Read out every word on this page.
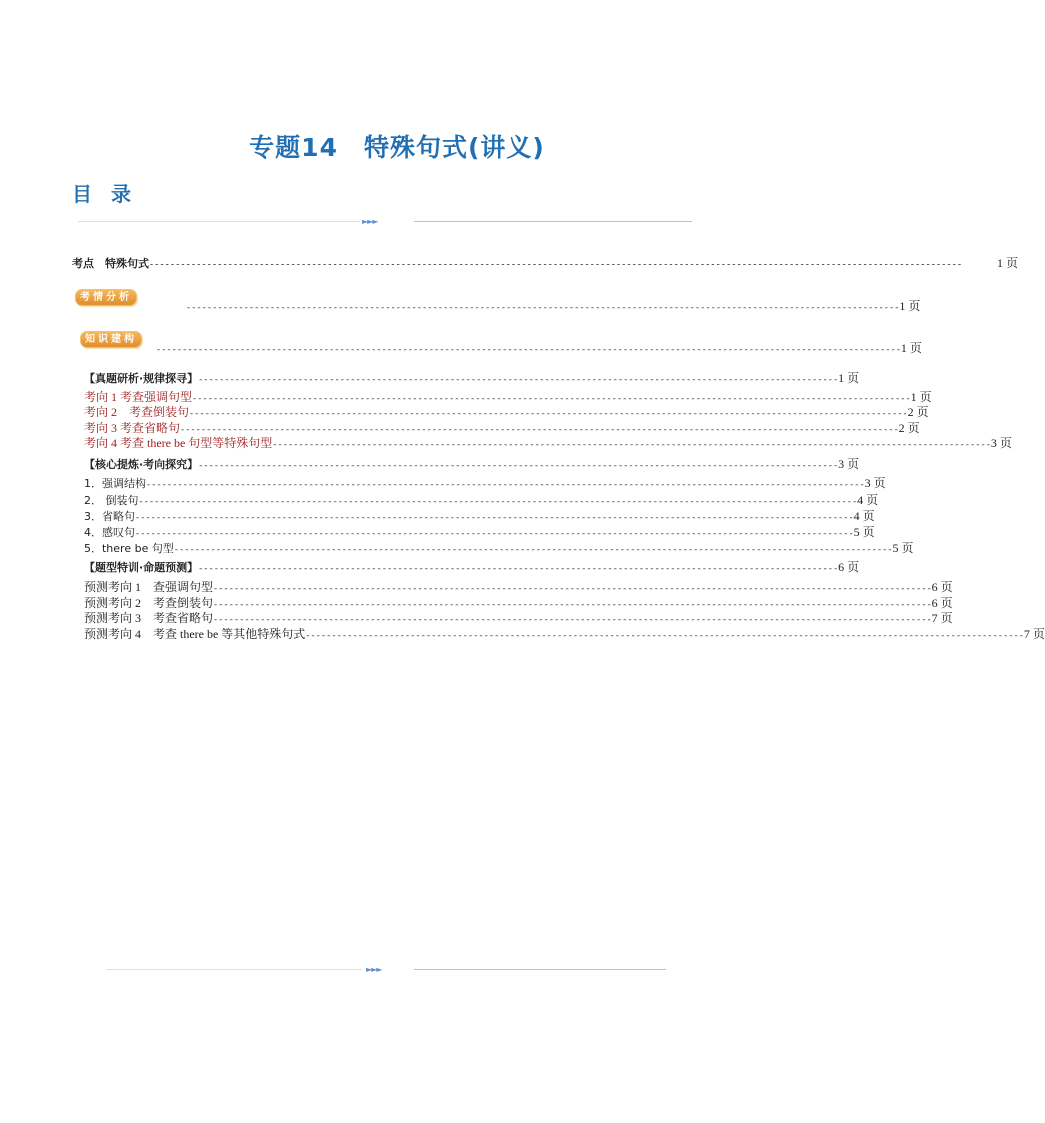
专题14　特殊句式(讲义)
目 录
►►►
考点　特殊句式 - - - - - - - - - - - - - - - - - - - - - - - - - - - - - - - - - - - - - - - - - - - - - - - - - - - - - - - - - - - - - - - - - - - - - - - - - - - - - - - - - - - - - - - - - - - - - - - - - - - - - - - - - - - - - - - - - - - - - - - - - - - - - - - - - - - - - - - - - - - - - - - - - - - - - - - - - - -	1 页
考情分析
- - - - - - - - - - - - - - - - - - - - - - - - - - - - - - - - - - - - - - - - - - - - - - - - - - - - - - - - - - - - - - - - - - - - - - - - - - - - - - - - - - - - - - - - - - - - - - - - - - - - - - - - - - - - - - - - - - - - - - - - - - - - - - - - - - - - - - - - 1 页
知识建构
- - - - - - - - - - - - - - - - - - - - - - - - - - - - - - - - - - - - - - - - - - - - - - - - - - - - - - - - - - - - - - - - - - - - - - - - - - - - - - - - - - - - - - - - - - - - - - - - - - - - - - - - - - - - - - - - - - - - - - - - - - - - - - - - - - - - - - - - - - - - - - 1 页
【真题研析·规律探寻】 - - - - - - - - - - - - - - - - - - - - - - - - - - - - - - - - - - - - - - - - - - - - - - - - - - - - - - - - - - - - - - - - - - - - - - - - - - - - - - - - - - - - - - - - - - - - - - - - - - - - - - - - - - - - - - - - - - - - - - - - - - 1 页
考向 1 考查强调句型 - - - - - - - - - - - - - - - - - - - - - - - - - - - - - - - - - - - - - - - - - - - - - - - - - - - - - - - - - - - - - - - - - - - - - - - - - - - - - - - - - - - - - - - - - - - - - - - - - - - - - - - - - - - - - - - - - - - - - - - - - - - - - - - - - - - - - - - - - 1 页
考向 2　考查倒装句 - - - - - - - - - - - - - - - - - - - - - - - - - - - - - - - - - - - - - - - - - - - - - - - - - - - - - - - - - - - - - - - - - - - - - - - - - - - - - - - - - - - - - - - - - - - - - - - - - - - - - - - - - - - - - - - - - - - - - - - - - - - - - - - - - - - - - - - - - 2 页
考向 3 考查省略句 - - - - - - - - - - - - - - - - - - - - - - - - - - - - - - - - - - - - - - - - - - - - - - - - - - - - - - - - - - - - - - - - - - - - - - - - - - - - - - - - - - - - - - - - - - - - - - - - - - - - - - - - - - - - - - - - - - - - - - - - - - - - - - - - - - - - - - - - - 2 页
考向 4 考查 there be 句型等特殊句型 - - - - - - - - - - - - - - - - - - - - - - - - - - - - - - - - - - - - - - - - - - - - - - - - - - - - - - - - - - - - - - - - - - - - - - - - - - - - - - - - - - - - - - - - - - - - - - - - - - - - - - - - - - - - - - - - - - - - - - - - - - - - - - - - - - - - - - - - - 3 页
【核心提炼·考向探究】 - - - - - - - - - - - - - - - - - - - - - - - - - - - - - - - - - - - - - - - - - - - - - - - - - - - - - - - - - - - - - - - - - - - - - - - - - - - - - - - - - - - - - - - - - - - - - - - - - - - - - - - - - - - - - - - - - - - - - - - - - - 3 页
1．强调结构 - - - - - - - - - - - - - - - - - - - - - - - - - - - - - - - - - - - - - - - - - - - - - - - - - - - - - - - - - - - - - - - - - - - - - - - - - - - - - - - - - - - - - - - - - - - - - - - - - - - - - - - - - - - - - - - - - - - - - - - - - - - - - - - - - - - - - - - - - 3 页
2． 倒装句 - - - - - - - - - - - - - - - - - - - - - - - - - - - - - - - - - - - - - - - - - - - - - - - - - - - - - - - - - - - - - - - - - - - - - - - - - - - - - - - - - - - - - - - - - - - - - - - - - - - - - - - - - - - - - - - - - - - - - - - - - - - - - - - - - - - - - - - - - 4 页
3．省略句 - - - - - - - - - - - - - - - - - - - - - - - - - - - - - - - - - - - - - - - - - - - - - - - - - - - - - - - - - - - - - - - - - - - - - - - - - - - - - - - - - - - - - - - - - - - - - - - - - - - - - - - - - - - - - - - - - - - - - - - - - - - - - - - - - - - - - - - - - 4 页
4．感叹句 - - - - - - - - - - - - - - - - - - - - - - - - - - - - - - - - - - - - - - - - - - - - - - - - - - - - - - - - - - - - - - - - - - - - - - - - - - - - - - - - - - - - - - - - - - - - - - - - - - - - - - - - - - - - - - - - - - - - - - - - - - - - - - - - - - - - - - - - - 5 页
5．there be 句型 - - - - - - - - - - - - - - - - - - - - - - - - - - - - - - - - - - - - - - - - - - - - - - - - - - - - - - - - - - - - - - - - - - - - - - - - - - - - - - - - - - - - - - - - - - - - - - - - - - - - - - - - - - - - - - - - - - - - - - - - - - - - - - - - - - - - - - - - - 5 页
【题型特训·命题预测】 - - - - - - - - - - - - - - - - - - - - - - - - - - - - - - - - - - - - - - - - - - - - - - - - - - - - - - - - - - - - - - - - - - - - - - - - - - - - - - - - - - - - - - - - - - - - - - - - - - - - - - - - - - - - - - - - - - - - - - - - - - 6 页
预测考向 1　查强调句型 - - - - - - - - - - - - - - - - - - - - - - - - - - - - - - - - - - - - - - - - - - - - - - - - - - - - - - - - - - - - - - - - - - - - - - - - - - - - - - - - - - - - - - - - - - - - - - - - - - - - - - - - - - - - - - - - - - - - - - - - - - - - - - - - - - - - - - - - - 6 页
预测考向 2　考查倒装句 - - - - - - - - - - - - - - - - - - - - - - - - - - - - - - - - - - - - - - - - - - - - - - - - - - - - - - - - - - - - - - - - - - - - - - - - - - - - - - - - - - - - - - - - - - - - - - - - - - - - - - - - - - - - - - - - - - - - - - - - - - - - - - - - - - - - - - - - - 6 页
预测考向 3　考查省略句 - - - - - - - - - - - - - - - - - - - - - - - - - - - - - - - - - - - - - - - - - - - - - - - - - - - - - - - - - - - - - - - - - - - - - - - - - - - - - - - - - - - - - - - - - - - - - - - - - - - - - - - - - - - - - - - - - - - - - - - - - - - - - - - - - - - - - - - - - 7 页
预测考向 4　考查 there be 等其他特殊句式 - - - - - - - - - - - - - - - - - - - - - - - - - - - - - - - - - - - - - - - - - - - - - - - - - - - - - - - - - - - - - - - - - - - - - - - - - - - - - - - - - - - - - - - - - - - - - - - - - - - - - - - - - - - - - - - - - - - - - - - - - - - - - - - - - - - - - - - - - 7 页
►►►
